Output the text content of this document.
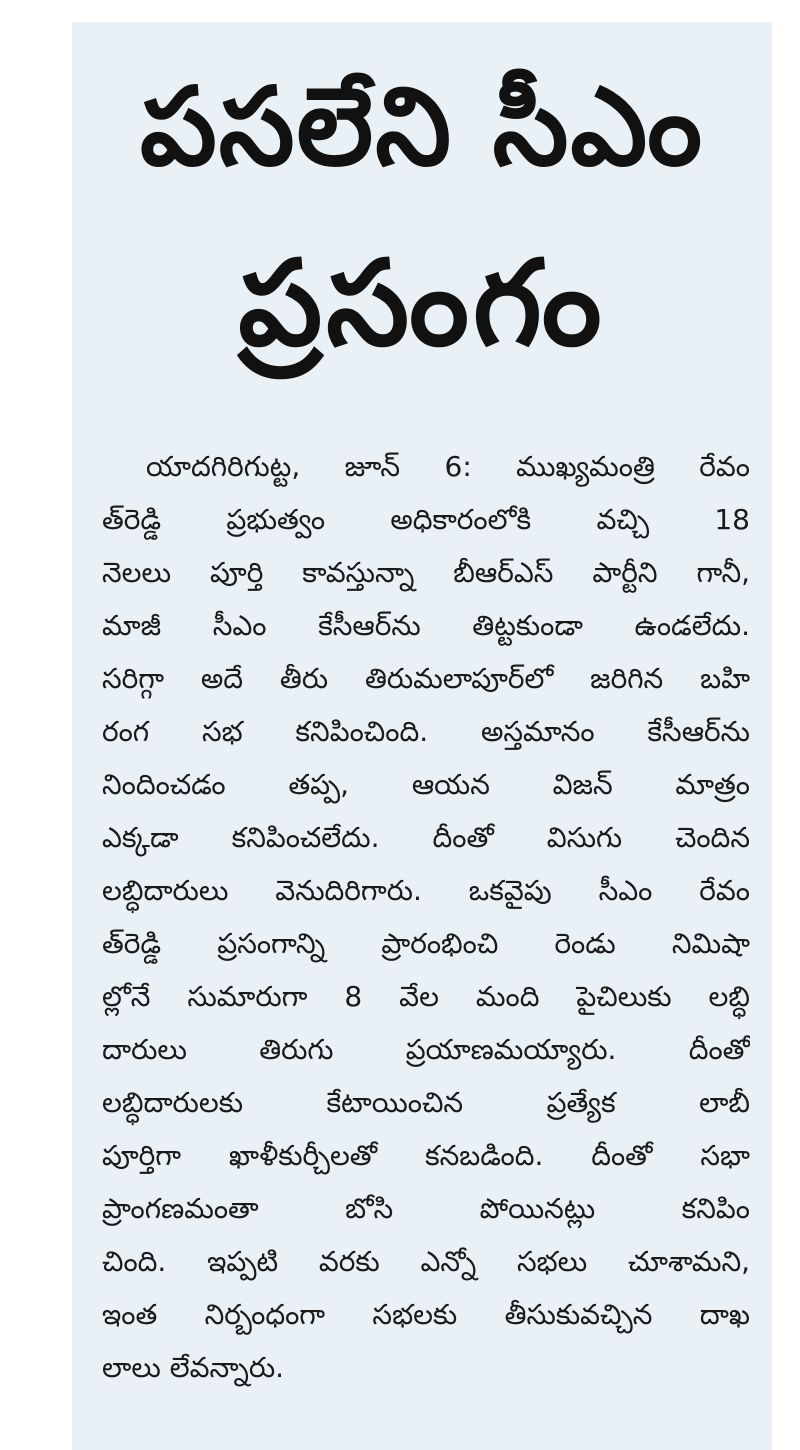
పసలేని సీఎం
ప్రసంగం
యాదగిరిగుట్ట, జూన్ 6: ముఖ్యమంత్రి రేవం
త్‌రెడ్డి ప్రభుత్వం అధికారంలోకి వచ్చి 18
నెలలు పూర్తి కావస్తున్నా బీఆర్ఎస్ పార్టీని గానీ,
మాజీ సీఎం కేసీఆర్‌ను తిట్టకుండా ఉండలేదు.
సరిగ్గా అదే తీరు తిరుమలాపూర్‌లో జరిగిన బహి
రంగ సభ కనిపించింది. అస్తమానం కేసీఆర్‌ను
నిందించడం తప్ప, ఆయన విజన్ మాత్రం
ఎక్కడా కనిపించలేదు. దీంతో విసుగు చెందిన
లబ్ధిదారులు వెనుదిరిగారు. ఒకవైపు సీఎం రేవం
త్‌రెడ్డి ప్రసంగాన్ని ప్రారంభించి రెండు నిమిషా
ల్లోనే సుమారుగా 8 వేల మంది పైచిలుకు లబ్ధి
దారులు తిరుగు ప్రయాణమయ్యారు. దీంతో
లబ్ధిదారులకు కేటాయించిన ప్రత్యేక లాబీ
పూర్తిగా ఖాళీకుర్చీలతో కనబడింది. దీంతో సభా
ప్రాంగణమంతా బోసి పోయినట్లు కనిపిం
చింది. ఇప్పటి వరకు ఎన్నో సభలు చూశామని,
ఇంత నిర్బంధంగా సభలకు తీసుకువచ్చిన దాఖ
లాలు లేవన్నారు.
